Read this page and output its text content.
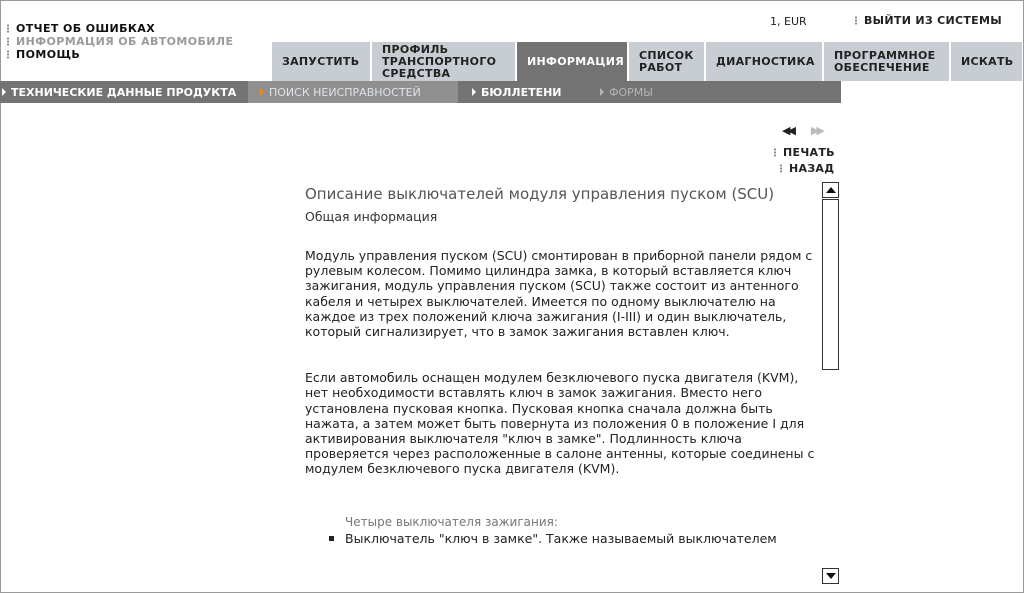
ОТЧЕТ ОБ ОШИБКАХ
ИНФОРМАЦИЯ ОБ АВТОМОБИЛЕ
ПОМОЩЬ
1, EUR	ВЫЙТИ ИЗ СИСТЕМЫ
ЗАПУСТИТЬ
ПРОФИЛЬ
ТРАНСПОРТНОГО
СРЕДСТВА
ИНФОРМАЦИЯ СПИСОК
РАБОТ	ДИАГНОСТИКА ПРОГРАММНОЕ
ОБЕСПЕЧЕНИЕ	ИСКАТЬ
ТЕХНИЧЕСКИЕ ДАННЫЕ ПРОДУКТА	ПОИСК НЕИСПРАВНОСТЕЙ	БЮЛЛЕТЕНИ	ФОРМЫ
◀◀ ▶▶
ПЕЧАТЬ
НАЗАД
Описание выключателей модуля управления пуском (SCU)
Общая информация

Модуль управления пуском (SCU) смонтирован в приборной панели рядом с рулевым колесом. Помимо цилиндра замка, в который вставляется ключ зажигания, модуль управления пуском (SCU) также состоит из антенного кабеля и четырех выключателей. Имеется по одному выключателю на каждое из трех положений ключа зажигания (I-III) и один выключатель, который сигнализирует, что в замок зажигания вставлен ключ.

Если автомобиль оснащен модулем безключевого пуска двигателя (KVM), нет необходимости вставлять ключ в замок зажигания. Вместо него установлена пусковая кнопка. Пусковая кнопка сначала должна быть нажата, а затем может быть повернута из положения 0 в положение I для активирования выключателя "ключ в замке". Подлинность ключа проверяется через расположенные в салоне антенны, которые соединены с модулем безключевого пуска двигателя (KVM).

Четыре выключателя зажигания:
Выключатель "ключ в замке". Также называемый выключателем
